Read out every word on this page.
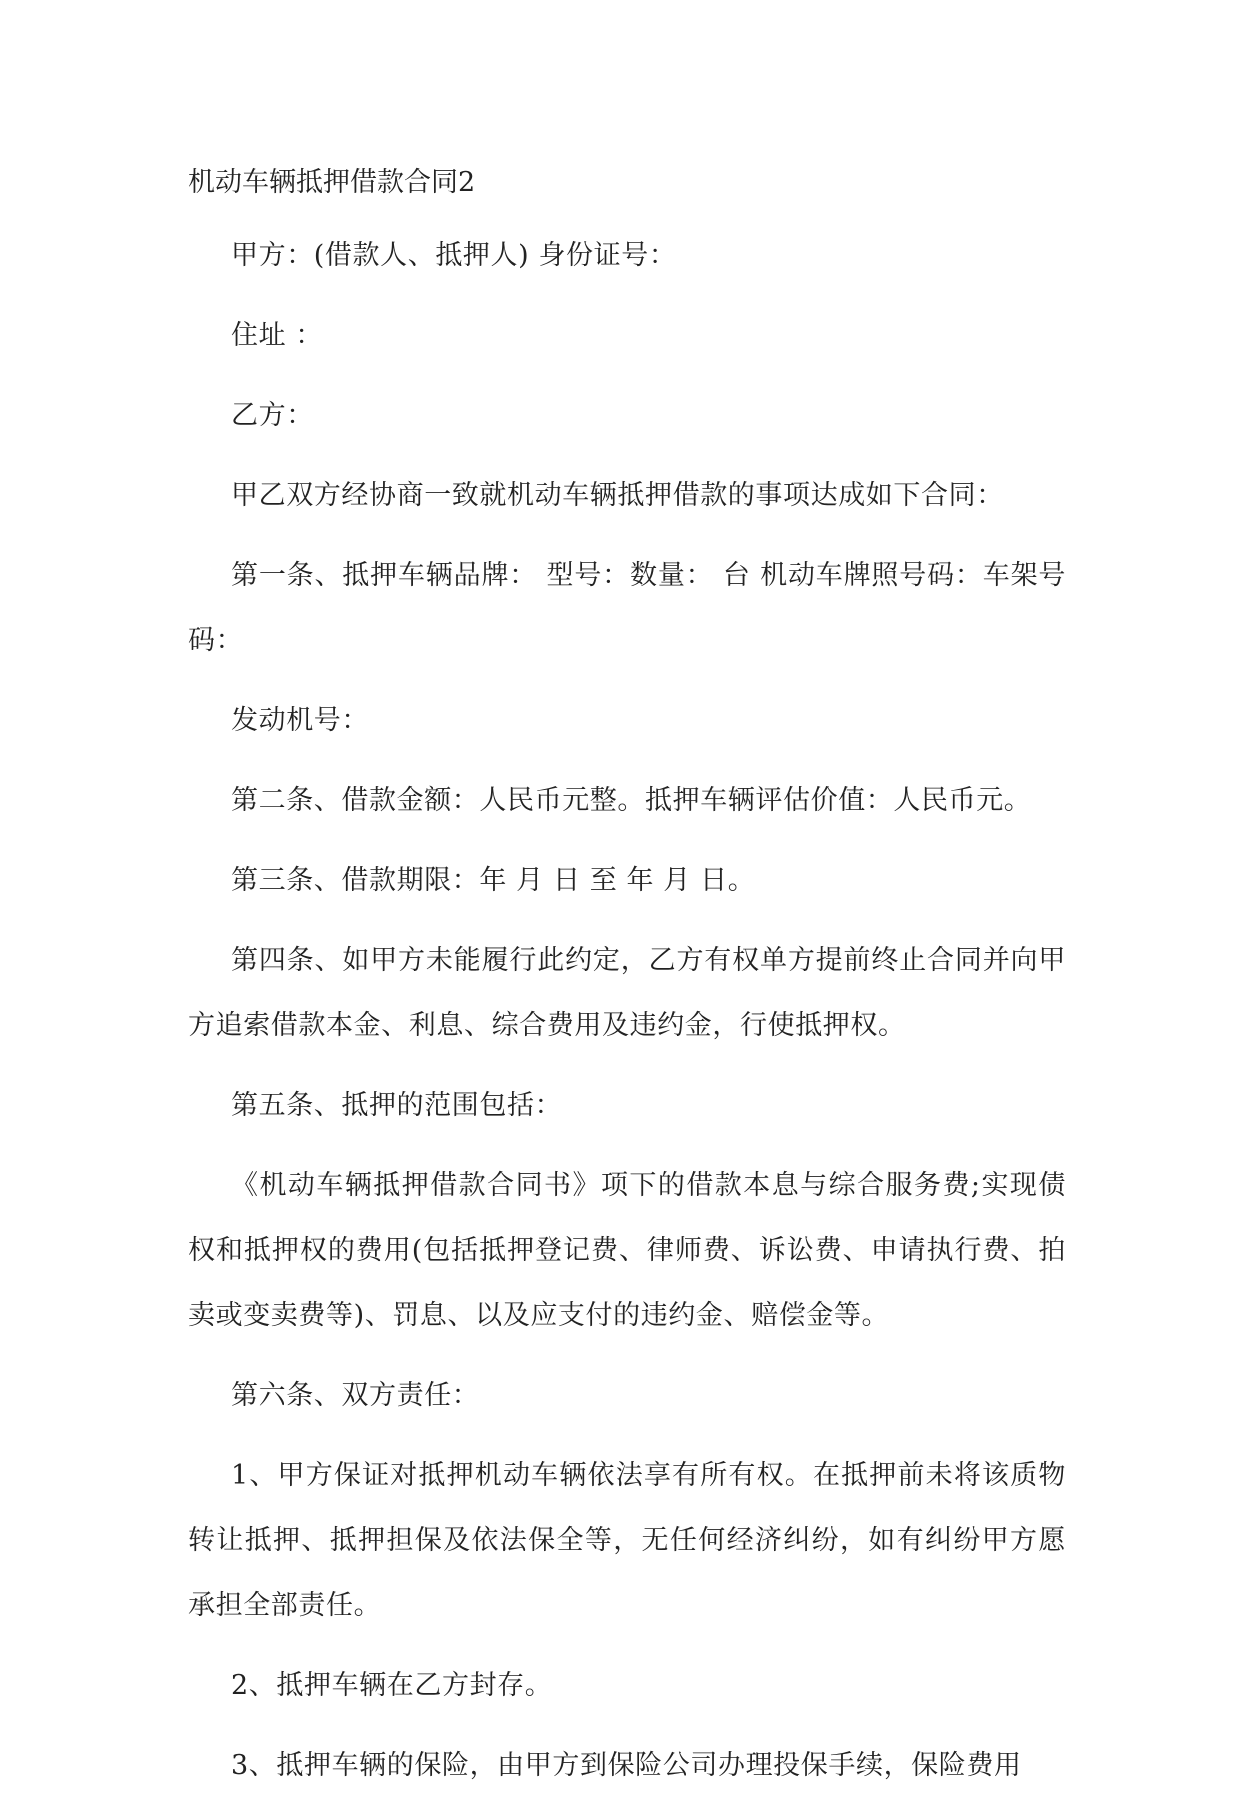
机动车辆抵押借款合同2

甲方：(借款人、抵押人) 身份证号：

住址 ：

乙方：

甲乙双方经协商一致就机动车辆抵押借款的事项达成如下合同：

第一条、抵押车辆品牌： 型号：数量： 台 机动车牌照号码：车架号码：

发动机号：

第二条、借款金额：人民币元整。抵押车辆评估价值：人民币元。

第三条、借款期限：年 月 日 至 年 月 日。

第四条、如甲方未能履行此约定，乙方有权单方提前终止合同并向甲方追索借款本金、利息、综合费用及违约金，行使抵押权。

第五条、抵押的范围包括：

《机动车辆抵押借款合同书》项下的借款本息与综合服务费;实现债权和抵押权的费用(包括抵押登记费、律师费、诉讼费、申请执行费、拍卖或变卖费等)、罚息、以及应支付的违约金、赔偿金等。

第六条、双方责任：

1、甲方保证对抵押机动车辆依法享有所有权。在抵押前未将该质物转让抵押、抵押担保及依法保全等，无任何经济纠纷，如有纠纷甲方愿承担全部责任。

2、抵押车辆在乙方封存。

3、抵押车辆的保险，由甲方到保险公司办理投保手续，保险费用
